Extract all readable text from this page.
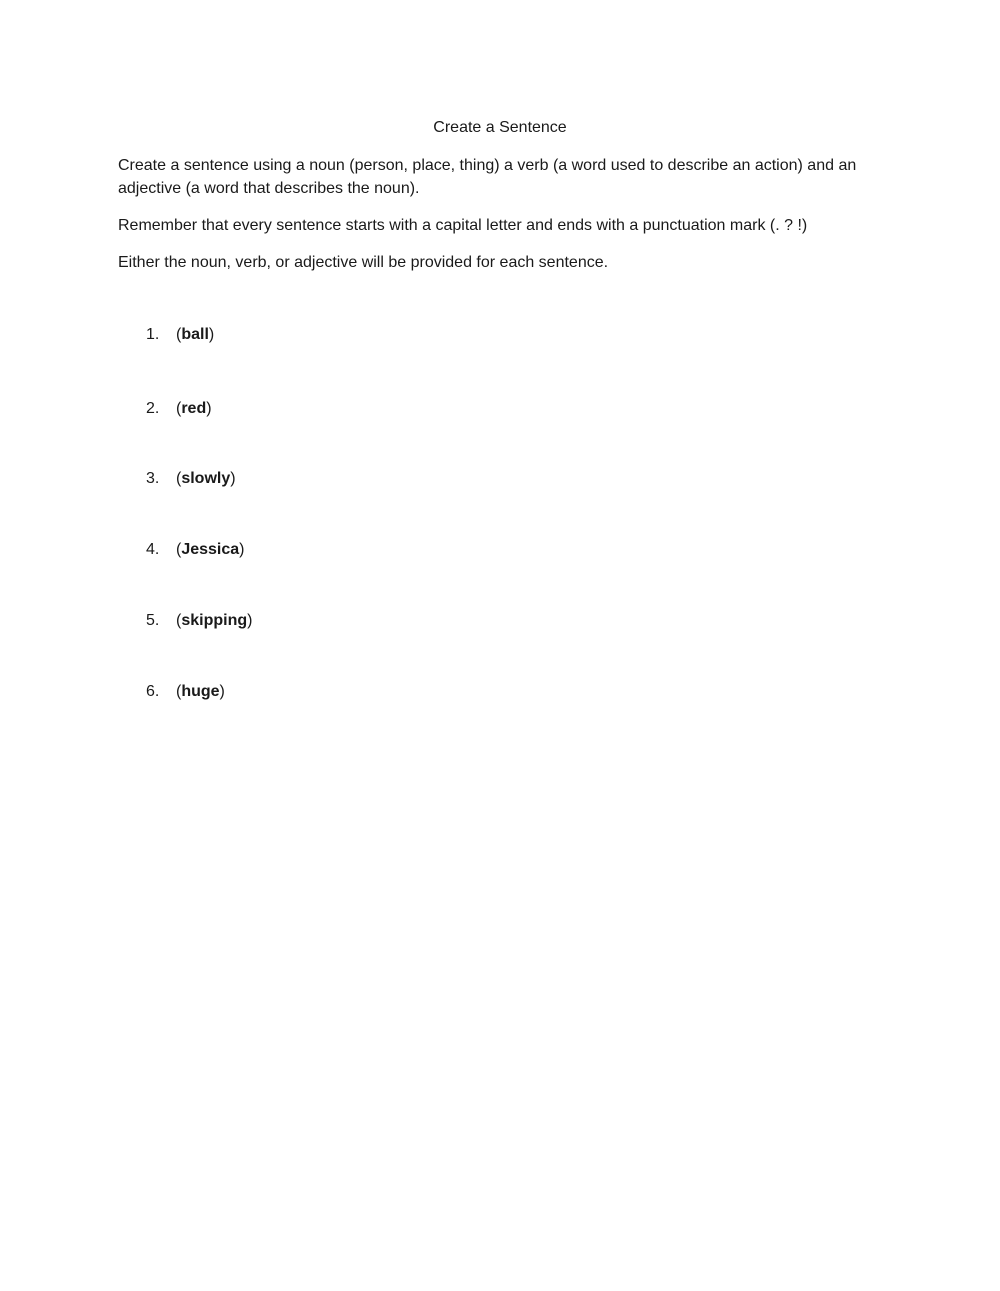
Create a Sentence
Create a sentence using a noun (person, place, thing) a verb (a word used to describe an action) and an adjective (a word that describes the noun).
Remember that every sentence starts with a capital letter and ends with a punctuation mark (. ? !)
Either the noun, verb, or adjective will be provided for each sentence.
1. (ball)
2. (red)
3. (slowly)
4. (Jessica)
5. (skipping)
6. (huge)
